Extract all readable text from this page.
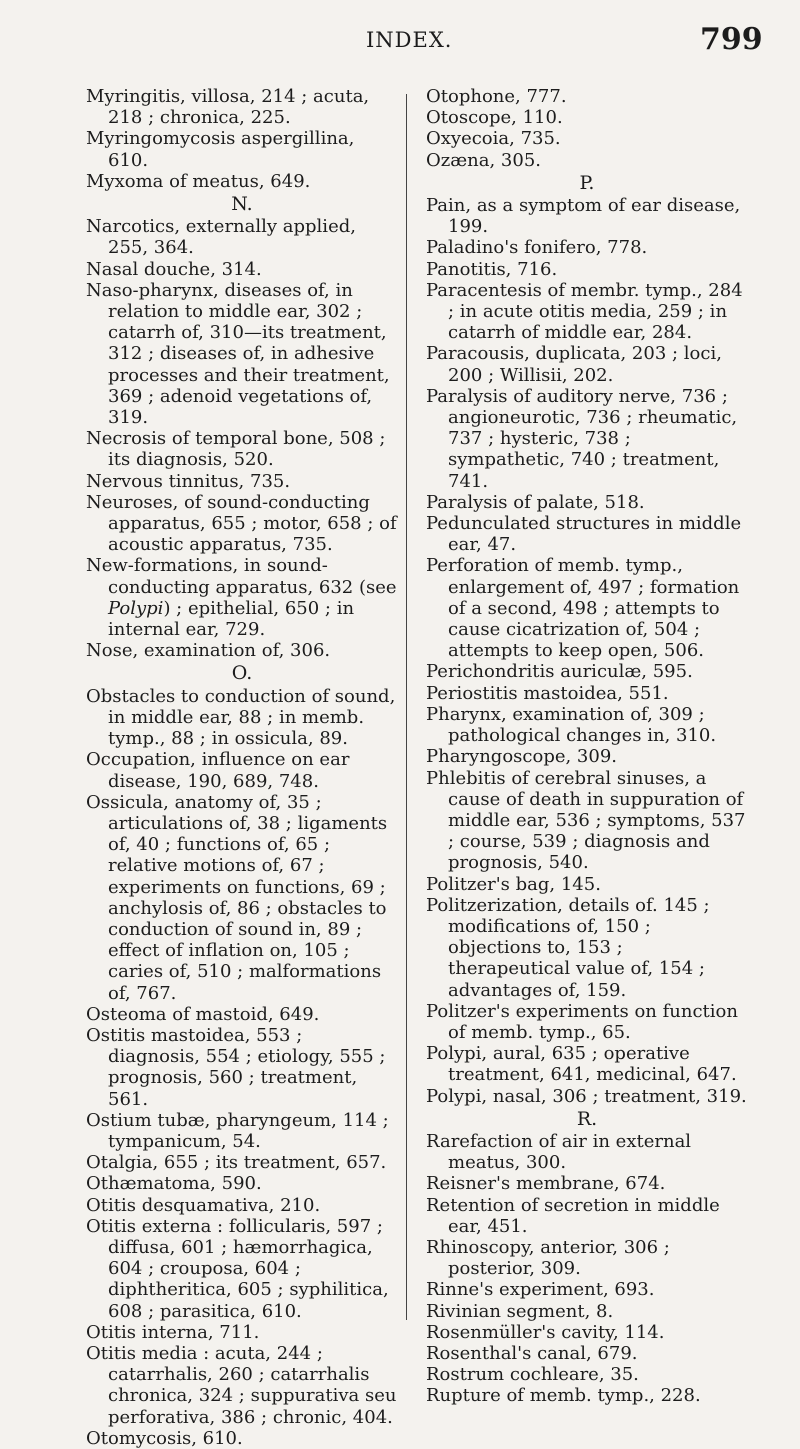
INDEX.	799

Myringitis, villosa, 214 ; acuta, 218 ; chronica, 225.

Myringomycosis aspergillina, 610.

Myxoma of meatus, 649.

N.

Narcotics, externally applied, 255, 364.

Nasal douche, 314.

Naso-pharynx, diseases of, in relation to middle ear, 302 ; catarrh of, 310—its treatment, 312 ; diseases of, in adhesive processes and their treatment, 369 ; adenoid vegetations of, 319.

Necrosis of temporal bone, 508 ; its diagnosis, 520.

Nervous tinnitus, 735.

Neuroses, of sound-conducting apparatus, 655 ; motor, 658 ; of acoustic apparatus, 735.

New-formations, in sound-conducting apparatus, 632 (see Polypi) ; epithelial, 650 ; in internal ear, 729.

Nose, examination of, 306.

O.

Obstacles to conduction of sound, in middle ear, 88 ; in memb. tymp., 88 ; in ossicula, 89.

Occupation, influence on ear disease, 190, 689, 748.

Ossicula, anatomy of, 35 ; articulations of, 38 ; ligaments of, 40 ; functions of, 65 ; relative motions of, 67 ; experiments on functions, 69 ; anchylosis of, 86 ; obstacles to conduction of sound in, 89 ; effect of inflation on, 105 ; caries of, 510 ; malformations of, 767.

Osteoma of mastoid, 649.

Ostitis mastoidea, 553 ; diagnosis, 554 ; etiology, 555 ; prognosis, 560 ; treatment, 561.

Ostium tubæ, pharyngeum, 114 ; tympanicum, 54.

Otalgia, 655 ; its treatment, 657.

Othæmatoma, 590.

Otitis desquamativa, 210.

Otitis externa : follicularis, 597 ; diffusa, 601 ; hæmorrhagica, 604 ; crouposa, 604 ; diphtheritica, 605 ; syphilitica, 608 ; parasitica, 610.

Otitis interna, 711.

Otitis media : acuta, 244 ; catarrhalis, 260 ; catarrhalis chronica, 324 ; suppurativa seu perforativa, 386 ; chronic, 404.

Otomycosis, 610.

Otophone, 777.

Otoscope, 110.

Oxyecoia, 735.

Ozæna, 305.

P.

Pain, as a symptom of ear disease, 199.

Paladino's fonifero, 778.

Panotitis, 716.

Paracentesis of membr. tymp., 284 ; in acute otitis media, 259 ; in catarrh of middle ear, 284.

Paracousis, duplicata, 203 ; loci, 200 ; Willisii, 202.

Paralysis of auditory nerve, 736 ; angioneurotic, 736 ; rheumatic, 737 ; hysteric, 738 ; sympathetic, 740 ; treatment, 741.

Paralysis of palate, 518.

Pedunculated structures in middle ear, 47.

Perforation of memb. tymp., enlargement of, 497 ; formation of a second, 498 ; attempts to cause cicatrization of, 504 ; attempts to keep open, 506.

Perichondritis auriculæ, 595.

Periostitis mastoidea, 551.

Pharynx, examination of, 309 ; pathological changes in, 310.

Pharyngoscope, 309.

Phlebitis of cerebral sinuses, a cause of death in suppuration of middle ear, 536 ; symptoms, 537 ; course, 539 ; diagnosis and prognosis, 540.

Politzer's bag, 145.

Politzerization, details of. 145 ; modifications of, 150 ; objections to, 153 ; therapeutical value of, 154 ; advantages of, 159.

Politzer's experiments on function of memb. tymp., 65.

Polypi, aural, 635 ; operative treatment, 641, medicinal, 647.

Polypi, nasal, 306 ; treatment, 319.

R.

Rarefaction of air in external meatus, 300.

Reisner's membrane, 674.

Retention of secretion in middle ear, 451.

Rhinoscopy, anterior, 306 ; posterior, 309.

Rinne's experiment, 693.

Rivinian segment, 8.

Rosenmüller's cavity, 114.

Rosenthal's canal, 679.

Rostrum cochleare, 35.

Rupture of memb. tymp., 228.
